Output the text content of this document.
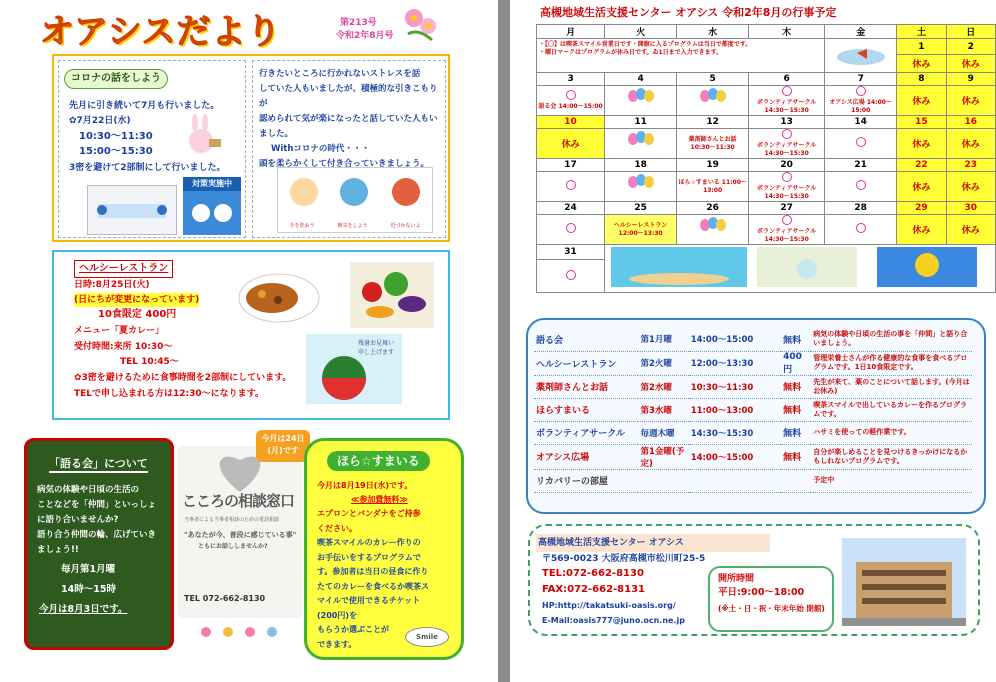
オアシスだより	第213号
令和2年8月号
コロナの話をしよう
先月に引き続いて7月も行いました。
✿7月22日(水)
10:30〜11:30
15:00〜15:30
3密を避けて2部制にして行いました。
対策実施中
行きたいところに行かれないストレスを話
していた人もいましたが、積極的な引きこもりが
認められて気が楽になったと話していた人もい
ました。
Withコロナの時代・・・
頭を柔らかくして付き合っていきましょう。
手を洗おう	換気をしよう	近づかないよ
ヘルシーレストラン
日時:8月25日(火)
(日にちが変更になっています)
10食限定 400円
メニュー「夏カレー」
受付時間:来所 10:30〜
TEL 10:45〜
✿3密を避けるために食事時間を2部制にしています。
TELで申し込まれる方は12:30〜になります。
残暑お見舞い申し上げます
「語る会」について
病気の体験や日頃の生活の
ことなどを「仲間」といっしょ
に語り合いませんか?
語り合う仲間の輪、広げていき
ましょう!!
毎月第1月曜
14時〜15時
今月は8月3日です。
こころの相談窓口
当事者による当事者相談のための電話相談
"あなたが今、普段に感じている事"
ともにお話ししませんか?
TEL 072-662-8130
今月は24日
(月)です
ほら☆すまいる
今月は8月19日(水)です。
≪参加費無料≫
エプロンとバンダナをご持参
ください。
喫茶スマイルのカレー作りの
お手伝いをするプログラムで
す。参加者は当日の昼食に作り
たてのカレーを食べるか喫茶ス
マイルで使用できるチケット
(200円)を
もらうか選ぶことが
できます。
Smile
高槻地域生活支援センター オアシス 令和2年8月の行事予定
月	火	水	木	金	土	日

・【〇】は喫茶スマイル営業日です・開館に入るプログラムは当日で都度です。
・曜日マークはプログラムが休み日です。ゐ1日まで入力できます。					1	2
					休み	休み
3	4	5	6	7	8	9

語る会 14:00〜15:00			ボランティアサークル 14:30〜15:30	オアシス広場 14:00〜15:00	休み	休み
10	11	12	13	14	15	16
休み		薬剤師さんとお話 10:30〜11:30	ボランティアサークル 14:30〜15:30		休み	休み
17	18	19	20	21	22	23

		ほら☆すまいる 11:00〜13:00	ボランティアサークル 14:30〜15:30		休み	休み
24	25	26	27	28	29	30

	ヘルシーレストラン 12:00〜13:30		ボランティアサークル 14:30〜15:30		休み	休み
31	

語る会	第1月曜	14:00〜15:00	無料	病気の体験や日頃の生活の事を「仲間」と語り合いましょう。
ヘルシーレストラン	第2火曜	12:00〜13:30	400円	管理栄養士さんが作る健康的な食事を食べるプログラムです。1日10食限定です。
薬剤師さんとお話	第2水曜	10:30〜11:30	無料	先生が来て、薬のことについて話します。(今月はお休み)
ほらすまいる	第3水曜	11:00〜13:00	無料	喫茶スマイルで出しているカレーを作るプログラムです。
ボランティアサークル	毎週木曜	14:30〜15:30	無料	ハサミを使っての軽作業です。
オアシス広場	第1金曜(予定)	14:00〜15:00	無料	自分が楽しめることを見つけるきっかけになるかもしれないプログラムです。
リカバリーの部屋				予定中
高槻地域生活支援センター オアシス
〒569-0023 大阪府高槻市松川町25-5
TEL:072-662-8130
FAX:072-662-8131
HP:http://takatsuki-oasis.org/
E-Mail:oasis777@juno.ocn.ne.jp
開所時間
平日:9:00〜18:00
(※土・日・祝・年末年始 閉館)
